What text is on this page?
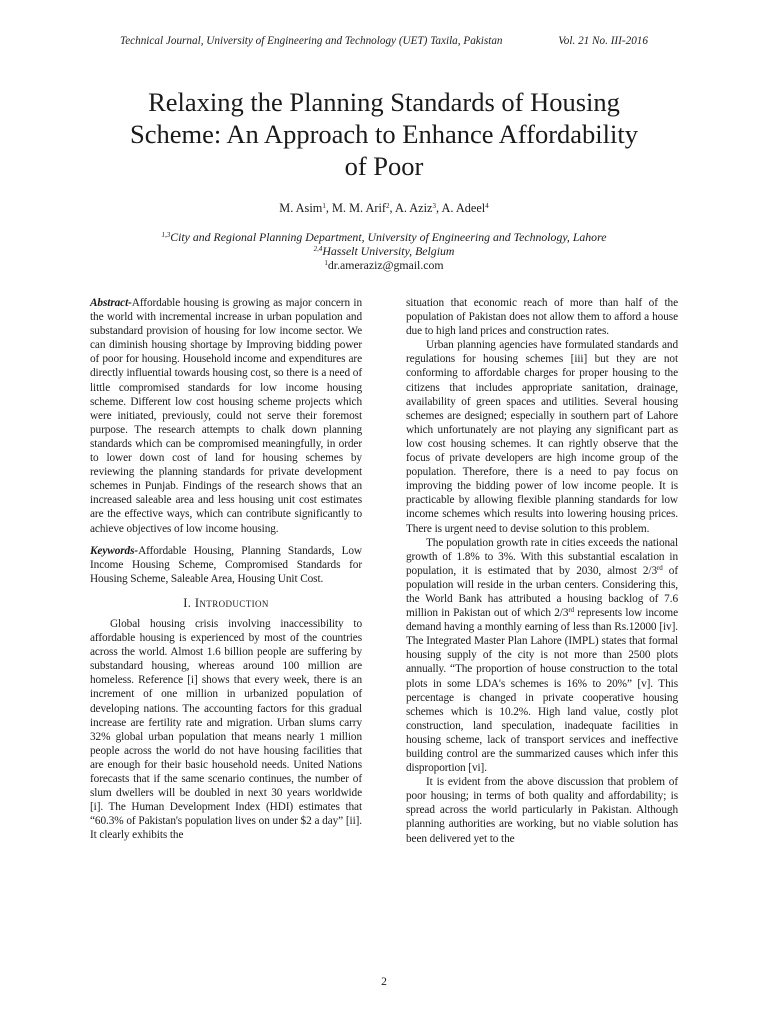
Technical Journal, University of Engineering and Technology (UET) Taxila, Pakistan	Vol. 21 No. III-2016
Relaxing the Planning Standards of Housing
Scheme: An Approach to Enhance Affordability
of Poor
M. Asim$^1$, M. M. Arif$^2$, A. Aziz$^3$, A. Adeel$^4$
$^{1,3}$City and Regional Planning Department, University of Engineering and Technology, Lahore
$^{2,4}$Hasselt University, Belgium
$^1$dr.ameraziz@gmail.com

Abstract-Affordable housing is growing as major concern in the world with incremental increase in urban population and substandard provision of housing for low income sector. We can diminish housing shortage by Improving bidding power of poor for housing. Household income and expenditures are directly influential towards housing cost, so there is a need of little compromised standards for low income housing scheme. Different low cost housing scheme projects which were initiated, previously, could not serve their foremost purpose. The research attempts to chalk down planning standards which can be compromised meaningfully, in order to lower down cost of land for housing schemes by reviewing the planning standards for private development schemes in Punjab. Findings of the research shows that an increased saleable area and less housing unit cost estimates are the effective ways, which can contribute significantly to achieve objectives of low income housing.

Keywords-Affordable Housing, Planning Standards, Low Income Housing Scheme, Compromised Standards for Housing Scheme, Saleable Area, Housing Unit Cost.

I. Introduction

Global housing crisis involving inaccessibility to affordable housing is experienced by most of the countries across the world. Almost 1.6 billion people are suffering by substandard housing, whereas around 100 million are homeless. Reference [i] shows that every week, there is an increment of one million in urbanized population of developing nations. The accounting factors for this gradual increase are fertility rate and migration. Urban slums carry 32% global urban population that means nearly 1 million people across the world do not have housing facilities that are enough for their basic household needs. United Nations forecasts that if the same scenario continues, the number of slum dwellers will be doubled in next 30 years worldwide [i]. The Human Development Index (HDI) estimates that “60.3% of Pakistan's population lives on under $2 a day” [ii]. It clearly exhibits the

situation that economic reach of more than half of the population of Pakistan does not allow them to afford a house due to high land prices and construction rates.

Urban planning agencies have formulated standards and regulations for housing schemes [iii] but they are not conforming to affordable charges for proper housing to the citizens that includes appropriate sanitation, drainage, availability of green spaces and utilities. Several housing schemes are designed; especially in southern part of Lahore which unfortunately are not playing any significant part as low cost housing schemes. It can rightly observe that the focus of private developers are high income group of the population. Therefore, there is a need to pay focus on improving the bidding power of low income people. It is practicable by allowing flexible planning standards for low income schemes which results into lowering housing prices. There is urgent need to devise solution to this problem.

The population growth rate in cities exceeds the national growth of 1.8% to 3%. With this substantial escalation in population, it is estimated that by 2030, almost 2/3rd of population will reside in the urban centers. Considering this, the World Bank has attributed a housing backlog of 7.6 million in Pakistan out of which 2/3rd represents low income demand having a monthly earning of less than Rs.12000 [iv]. The Integrated Master Plan Lahore (IMPL) states that formal housing supply of the city is not more than 2500 plots annually. “The proportion of house construction to the total plots in some LDA's schemes is 16% to 20%” [v]. This percentage is changed in private cooperative housing schemes which is 10.2%. High land value, costly plot construction, land speculation, inadequate facilities in housing scheme, lack of transport services and ineffective building control are the summarized causes which infer this disproportion [vi].

It is evident from the above discussion that problem of poor housing; in terms of both quality and affordability; is spread across the world particularly in Pakistan. Although planning authorities are working, but no viable solution has been delivered yet to the

2
